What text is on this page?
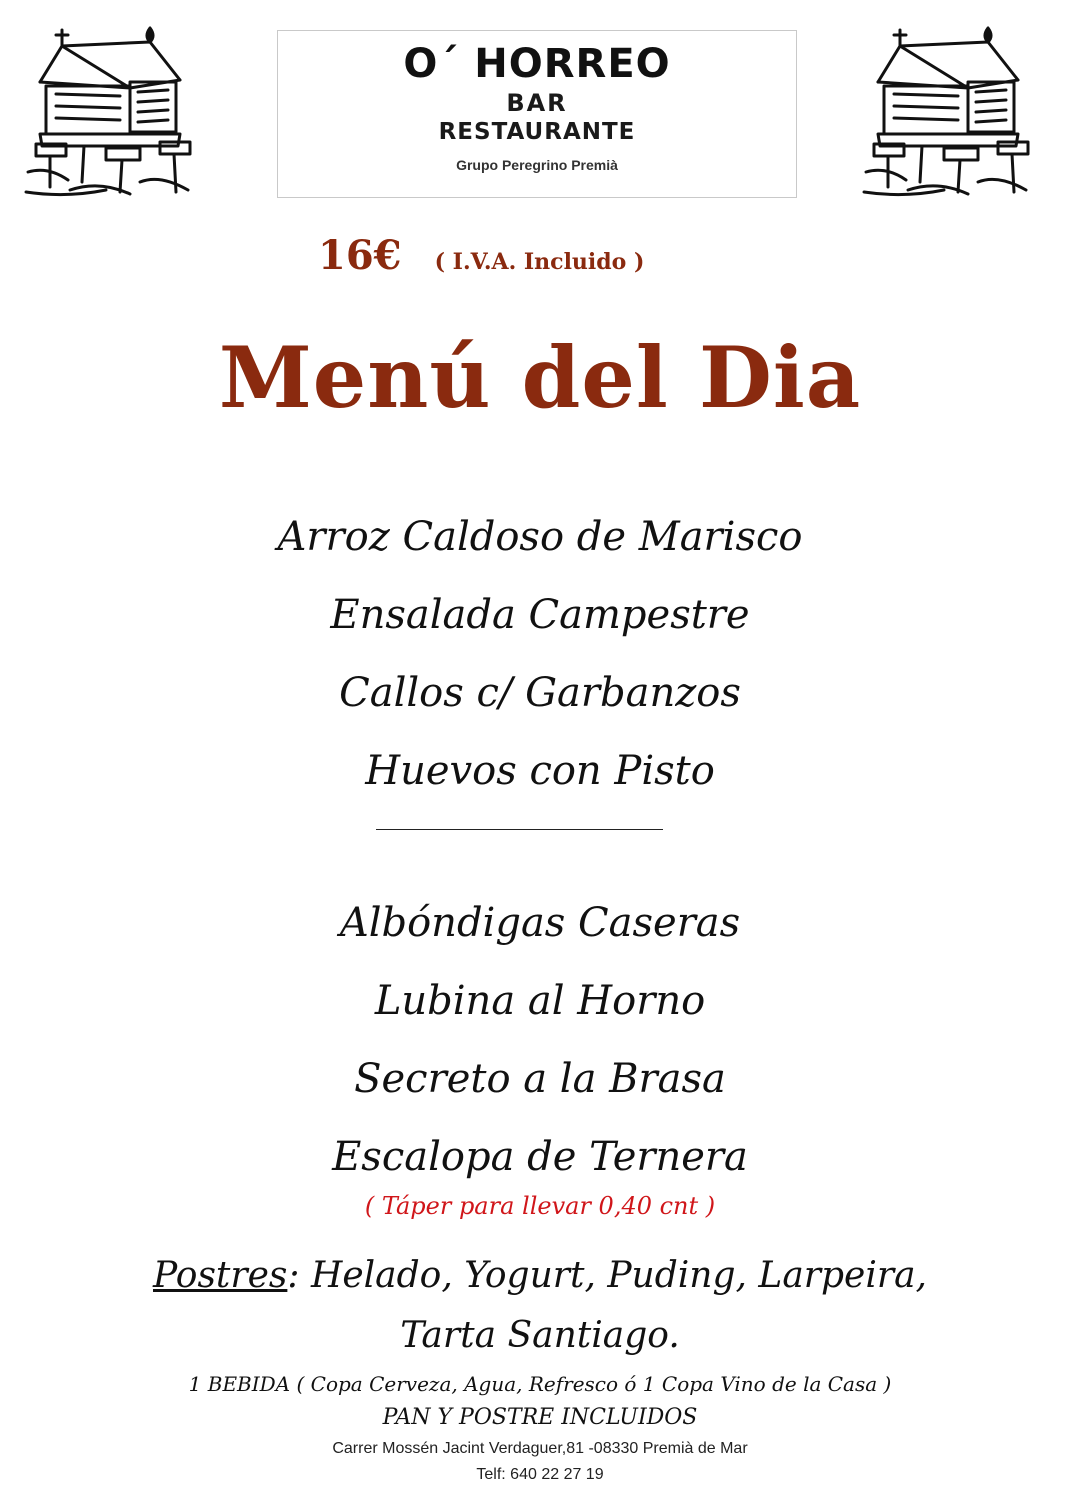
O´ HORREO
BAR
RESTAURANTE
Grupo Peregrino Premià
16€ ( I.V.A. Incluido )
Menú del Dia
Arroz Caldoso de Marisco
Ensalada Campestre
Callos c/ Garbanzos
Huevos con Pisto
Albóndigas Caseras
Lubina al Horno
Secreto a la Brasa
Escalopa de Ternera
( Táper para llevar 0,40 cnt )
Postres: Helado, Yogurt, Puding, Larpeira,
Tarta Santiago.
1 BEBIDA ( Copa Cerveza, Agua, Refresco ó 1 Copa Vino de la Casa )
PAN Y POSTRE INCLUIDOS
Carrer Mossén Jacint Verdaguer,81 -08330 Premià de Mar
Telf: 640 22 27 19
